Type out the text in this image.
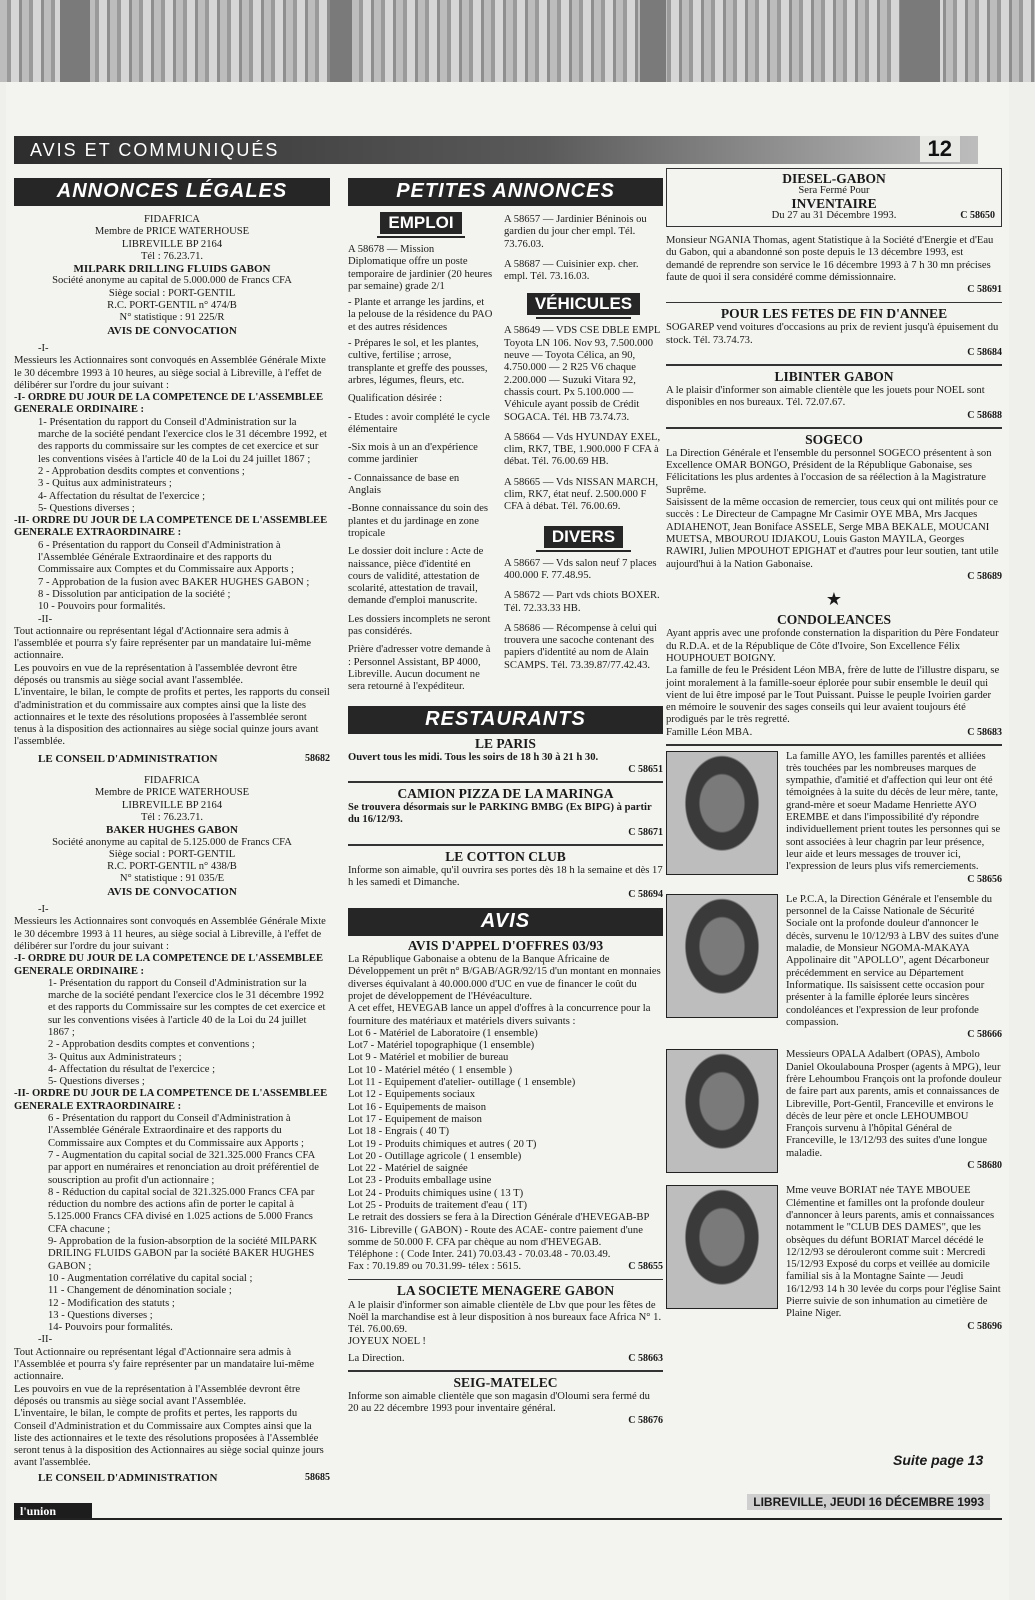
AVIS ET COMMUNIQUÉS	12
ANNONCES LÉGALES
FIDAFRICA
Membre de PRICE WATERHOUSE
LIBREVILLE BP 2164
Tél : 76.23.71.
MILPARK DRILLING FLUIDS GABON
Société anonyme au capital de 5.000.000 de Francs CFA
Siège social : PORT-GENTIL
R.C. PORT-GENTIL n° 474/B
N° statistique : 91 225/R
AVIS DE CONVOCATION
-I-
Messieurs les Actionnaires sont convoqués en Assemblée Générale Mixte le 30 décembre 1993 à 10 heures, au siège social à Libreville, à l'effet de délibérer sur l'ordre du jour suivant :
-I- ORDRE DU JOUR DE LA COMPETENCE DE L'ASSEMBLEE GENERALE ORDINAIRE :
1- Présentation du rapport du Conseil d'Administration sur la marche de la société pendant l'exercice clos le 31 décembre 1992, et des rapports du commissaire sur les comptes de cet exercice et sur les conventions visées à l'article 40 de la Loi du 24 juillet 1867 ;
2 - Approbation desdits comptes et conventions ;
3 - Quitus aux administrateurs ;
4- Affectation du résultat de l'exercice ;
5- Questions diverses ;
-II- ORDRE DU JOUR DE LA COMPETENCE DE L'ASSEMBLEE GENERALE EXTRAORDINAIRE :
6 - Présentation du rapport du Conseil d'Administration à l'Assemblée Générale Extraordinaire et des rapports du Commissaire aux Comptes et du Commissaire aux Apports ;
7 - Approbation de la fusion avec BAKER HUGHES GABON ;
8 - Dissolution par anticipation de la société ;
10 - Pouvoirs pour formalités.
-II-
Tout actionnaire ou représentant légal d'Actionnaire sera admis à l'assemblée et pourra s'y faire représenter par un mandataire lui-même actionnaire.
Les pouvoirs en vue de la représentation à l'assemblée devront être déposés ou transmis au siège social avant l'assemblée.
L'inventaire, le bilan, le compte de profits et pertes, les rapports du conseil d'administration et du commissaire aux comptes ainsi que la liste des actionnaires et le texte des résolutions proposées à l'assemblée seront tenus à la disposition des actionnaires au siège social quinze jours avant l'assemblée.
LE CONSEIL D'ADMINISTRATION	58682
FIDAFRICA
Membre de PRICE WATERHOUSE
LIBREVILLE BP 2164
Tél : 76.23.71.
BAKER HUGHES GABON
Société anonyme au capital de 5.125.000 de Francs CFA
Siège social : PORT-GENTIL
R.C. PORT-GENTIL n° 438/B
N° statistique : 91 035/E
AVIS DE CONVOCATION
-I-
Messieurs les Actionnaires sont convoqués en Assemblée Générale Mixte le 30 décembre 1993 à 11 heures, au siège social à Libreville, à l'effet de délibérer sur l'ordre du jour suivant :
-I- ORDRE DU JOUR DE LA COMPETENCE DE L'ASSEMBLEE GENERALE ORDINAIRE :
1- Présentation du rapport du Conseil d'Administration sur la marche de la société pendant l'exercice clos le 31 décembre 1992 et des rapports du Commissaire sur les comptes de cet exercice et sur les conventions visées à l'article 40 de la Loi du 24 juillet 1867 ;
2 - Approbation desdits comptes et conventions ;
3- Quitus aux Administrateurs ;
4- Affectation du résultat de l'exercice ;
5- Questions diverses ;
-II- ORDRE DU JOUR DE LA COMPETENCE DE L'ASSEMBLEE GENERALE EXTRAORDINAIRE :
6 - Présentation du rapport du Conseil d'Administration à l'Assemblée Générale Extraordinaire et des rapports du Commissaire aux Comptes et du Commissaire aux Apports ;
7 - Augmentation du capital social de 321.325.000 Francs CFA par apport en numéraires et renonciation au droit préférentiel de souscription au profit d'un actionnaire ;
8 - Réduction du capital social de 321.325.000 Francs CFA par réduction du nombre des actions afin de porter le capital à 5.125.000 Francs CFA divisé en 1.025 actions de 5.000 Francs CFA chacune ;
9- Approbation de la fusion-absorption de la société MILPARK DRILING FLUIDS GABON par la société BAKER HUGHES GABON ;
10 - Augmentation corrélative du capital social ;
11 - Changement de dénomination sociale ;
12 - Modification des statuts ;
13 - Questions diverses ;
14- Pouvoirs pour formalités.
-II-
Tout Actionnaire ou représentant légal d'Actionnaire sera admis à l'Assemblée et pourra s'y faire représenter par un mandataire lui-même actionnaire.
Les pouvoirs en vue de la représentation à l'Assemblée devront être déposés ou transmis au siège social avant l'Assemblée.
L'inventaire, le bilan, le compte de profits et pertes, les rapports du Conseil d'Administration et du Commissaire aux Comptes ainsi que la liste des actionnaires et le texte des résolutions proposées à l'Assemblée seront tenus à la disposition des Actionnaires au siège social quinze jours avant l'assemblée.
LE CONSEIL D'ADMINISTRATION	58685
PETITES ANNONCES
EMPLOI
A 58678 — Mission Diplomatique offre un poste temporaire de jardinier (20 heures par semaine) grade 2/1
- Plante et arrange les jardins, et la pelouse de la résidence du PAO et des autres résidences
- Prépares le sol, et les plantes, cultive, fertilise ; arrose, transplante et greffe des pousses, arbres, légumes, fleurs, etc.
Qualification désirée :
- Etudes : avoir complété le cycle élémentaire
-Six mois à un an d'expérience comme jardinier
- Connaissance de base en Anglais
-Bonne connaissance du soin des plantes et du jardinage en zone tropicale
Le dossier doit inclure : Acte de naissance, pièce d'identité en cours de validité, attestation de scolarité, attestation de travail, demande d'emploi manuscrite.
Les dossiers incomplets ne seront pas considérés.
Prière d'adresser votre demande à : Personnel Assistant, BP 4000, Libreville. Aucun document ne sera retourné à l'expéditeur.
A 58657 — Jardinier Béninois ou gardien du jour cher empl. Tél. 73.76.03.
A 58687 — Cuisinier exp. cher. empl. Tél. 73.16.03.
VÉHICULES
A 58649 — VDS CSE DBLE EMPL Toyota LN 106. Nov 93, 7.500.000 neuve — Toyota Célica, an 90, 4.750.000 — 2 R25 V6 chaque 2.200.000 — Suzuki Vitara 92, chassis court. Px 5.100.000 — Véhicule ayant possib de Crédit SOGACA. Tél. HB 73.74.73.
A 58664 — Vds HYUNDAY EXEL, clim, RK7, TBE, 1.900.000 F CFA à débat. Tél. 76.00.69 HB.
A 58665 — Vds NISSAN MARCH, clim, RK7, état neuf. 2.500.000 F CFA à débat. Tél. 76.00.69.
DIVERS
A 58667 — Vds salon neuf 7 places 400.000 F. 77.48.95.
A 58672 — Part vds chiots BOXER. Tél. 72.33.33 HB.
A 58686 — Récompense à celui qui trouvera une sacoche contenant des papiers d'identité au nom de Alain SCAMPS. Tél. 73.39.87/77.42.43.
RESTAURANTS
LE PARIS
Ouvert tous les midi. Tous les soirs de 18 h 30 à 21 h 30.
C 58651
CAMION PIZZA DE LA MARINGA
Se trouvera désormais sur le PARKING BMBG (Ex BIPG) à partir du 16/12/93.
C 58671
LE COTTON CLUB
Informe son aimable, qu'il ouvrira ses portes dès 18 h la semaine et dès 17 h les samedi et Dimanche.
C 58694
AVIS
AVIS D'APPEL D'OFFRES 03/93
La République Gabonaise a obtenu de la Banque Africaine de Développement un prêt n° B/GAB/AGR/92/15 d'un montant en monnaies diverses équivalant à 40.000.000 d'UC en vue de financer le coût du projet de développement de l'Hévéaculture.
A cet effet, HEVEGAB lance un appel d'offres à la concurrence pour la fourniture des matériaux et matériels divers suivants :
Lot 6 - Matériel de Laboratoire (1 ensemble)
Lot7 - Matériel topographique (1 ensemble)
Lot 9 - Matériel et mobilier de bureau
Lot 10 - Matériel météo ( 1 ensemble )
Lot 11 - Equipement d'atelier- outillage ( 1 ensemble)
Lot 12 - Equipements sociaux
Lot 16 - Equipements de maison
Lot 17 - Equipement de maison
Lot 18 - Engrais ( 40 T)
Lot 19 - Produits chimiques et autres ( 20 T)
Lot 20 - Outillage agricole ( 1 ensemble)
Lot 22 - Matériel de saignée
Lot 23 - Produits emballage usine
Lot 24 - Produits chimiques usine ( 13 T)
Lot 25 - Produits de traitement d'eau ( 1T)
Le retrait des dossiers se fera à la Direction Générale d'HEVEGAB-BP 316- Libreville ( GABON) - Route des ACAE- contre paiement d'une somme de 50.000 F. CFA par chèque au nom d'HEVEGAB.
Téléphone : ( Code Inter. 241) 70.03.43 - 70.03.48 - 70.03.49.
Fax : 70.19.89 ou 70.31.99- télex : 5615.	C 58655
LA SOCIETE MENAGERE GABON
A le plaisir d'informer son aimable clientèle de Lbv que pour les fêtes de Noël la marchandise est à leur disposition à nos bureaux face Africa N° 1. Tél. 76.00.69.
JOYEUX NOEL !
La Direction.	C 58663
SEIG-MATELEC
Informe son aimable clientèle que son magasin d'Oloumi sera fermé du 20 au 22 décembre 1993 pour inventaire général.
C 58676
DIESEL-GABON
Sera Fermé Pour
INVENTAIRE
Du 27 au 31 Décembre 1993.	C 58650
Monsieur NGANIA Thomas, agent Statistique à la Société d'Energie et d'Eau du Gabon, qui a abandonné son poste depuis le 13 décembre 1993, est demandé de reprendre son service le 16 décembre 1993 à 7 h 30 mn précises faute de quoi il sera considéré comme démissionnaire.
C 58691
POUR LES FETES DE FIN D'ANNEE
SOGAREP vend voitures d'occasions au prix de revient jusqu'à épuisement du stock. Tél. 73.74.73.
C 58684
LIBINTER GABON
A le plaisir d'informer son aimable clientèle que les jouets pour NOEL sont disponibles en nos bureaux. Tél. 72.07.67.
C 58688
SOGECO
La Direction Générale et l'ensemble du personnel SOGECO présentent à son Excellence OMAR BONGO, Président de la République Gabonaise, ses Félicitations les plus ardentes à l'occasion de sa réélection à la Magistrature Suprême.
Saisissent de la même occasion de remercier, tous ceux qui ont milités pour ce succès : Le Directeur de Campagne Mr Casimir OYE MBA, Mrs Jacques ADIAHENOT, Jean Boniface ASSELE, Serge MBA BEKALE, MOUCANI MUETSA, MBOUROU IDJAKOU, Louis Gaston MAYILA, Georges RAWIRI, Julien MPOUHOT EPIGHAT et d'autres pour leur soutien, tant utile aujourd'hui à la Nation Gabonaise.
C 58689
★
CONDOLEANCES
Ayant appris avec une profonde consternation la disparition du Père Fondateur du R.D.A. et de la République de Côte d'Ivoire, Son Excellence Félix HOUPHOUET BOIGNY.
La famille de feu le Président Léon MBA, frère de lutte de l'illustre disparu, se joint moralement à la famille-soeur éplorée pour subir ensemble le deuil qui vient de lui être imposé par le Tout Puissant. Puisse le peuple Ivoirien garder en mémoire le souvenir des sages conseils qui leur avaient toujours été prodigués par le très regretté.
Famille Léon MBA.	C 58683
La famille AYO, les familles parentés et alliées très touchées par les nombreuses marques de sympathie, d'amitié et d'affection qui leur ont été témoignées à la suite du décès de leur mère, tante, grand-mère et soeur Madame Henriette AYO EREMBE et dans l'impossibilité d'y répondre individuellement prient toutes les personnes qui se sont associées à leur chagrin par leur présence, leur aide et leurs messages de trouver ici, l'expression de leurs plus vifs remerciements.
C 58656
Le P.C.A, la Direction Générale et l'ensemble du personnel de la Caisse Nationale de Sécurité Sociale ont la profonde douleur d'annoncer le décès, survenu le 10/12/93 à LBV des suites d'une maladie, de Monsieur NGOMA-MAKAYA Appolinaire dit "APOLLO", agent Décarboneur précédemment en service au Département Informatique. Ils saisissent cette occasion pour présenter à la famille éplorée leurs sincères condoléances et l'expression de leur profonde compassion.
C 58666
Messieurs OPALA Adalbert (OPAS), Ambolo Daniel Okoulabouna Prosper (agents à MPG), leur frère Lehoumbou François ont la profonde douleur de faire part aux parents, amis et connaissances de Libreville, Port-Gentil, Franceville et environs le décès de leur père et oncle LEHOUMBOU François survenu à l'hôpital Général de Franceville, le 13/12/93 des suites d'une longue maladie.
C 58680
Mme veuve BORIAT née TAYE MBOUEE Clémentine et familles ont la profonde douleur d'annoncer à leurs parents, amis et connaissances notamment le "CLUB DES DAMES", que les obsèques du défunt BORIAT Marcel décédé le 12/12/93 se dérouleront comme suit : Mercredi 15/12/93 Exposé du corps et veillée au domicile familial sis à la Montagne Sainte — Jeudi 16/12/93 14 h 30 levée du corps pour l'église Saint Pierre suivie de son inhumation au cimetière de Plaine Niger.
C 58696
Suite page 13
l'union
LIBREVILLE, JEUDI 16 DÉCEMBRE 1993
